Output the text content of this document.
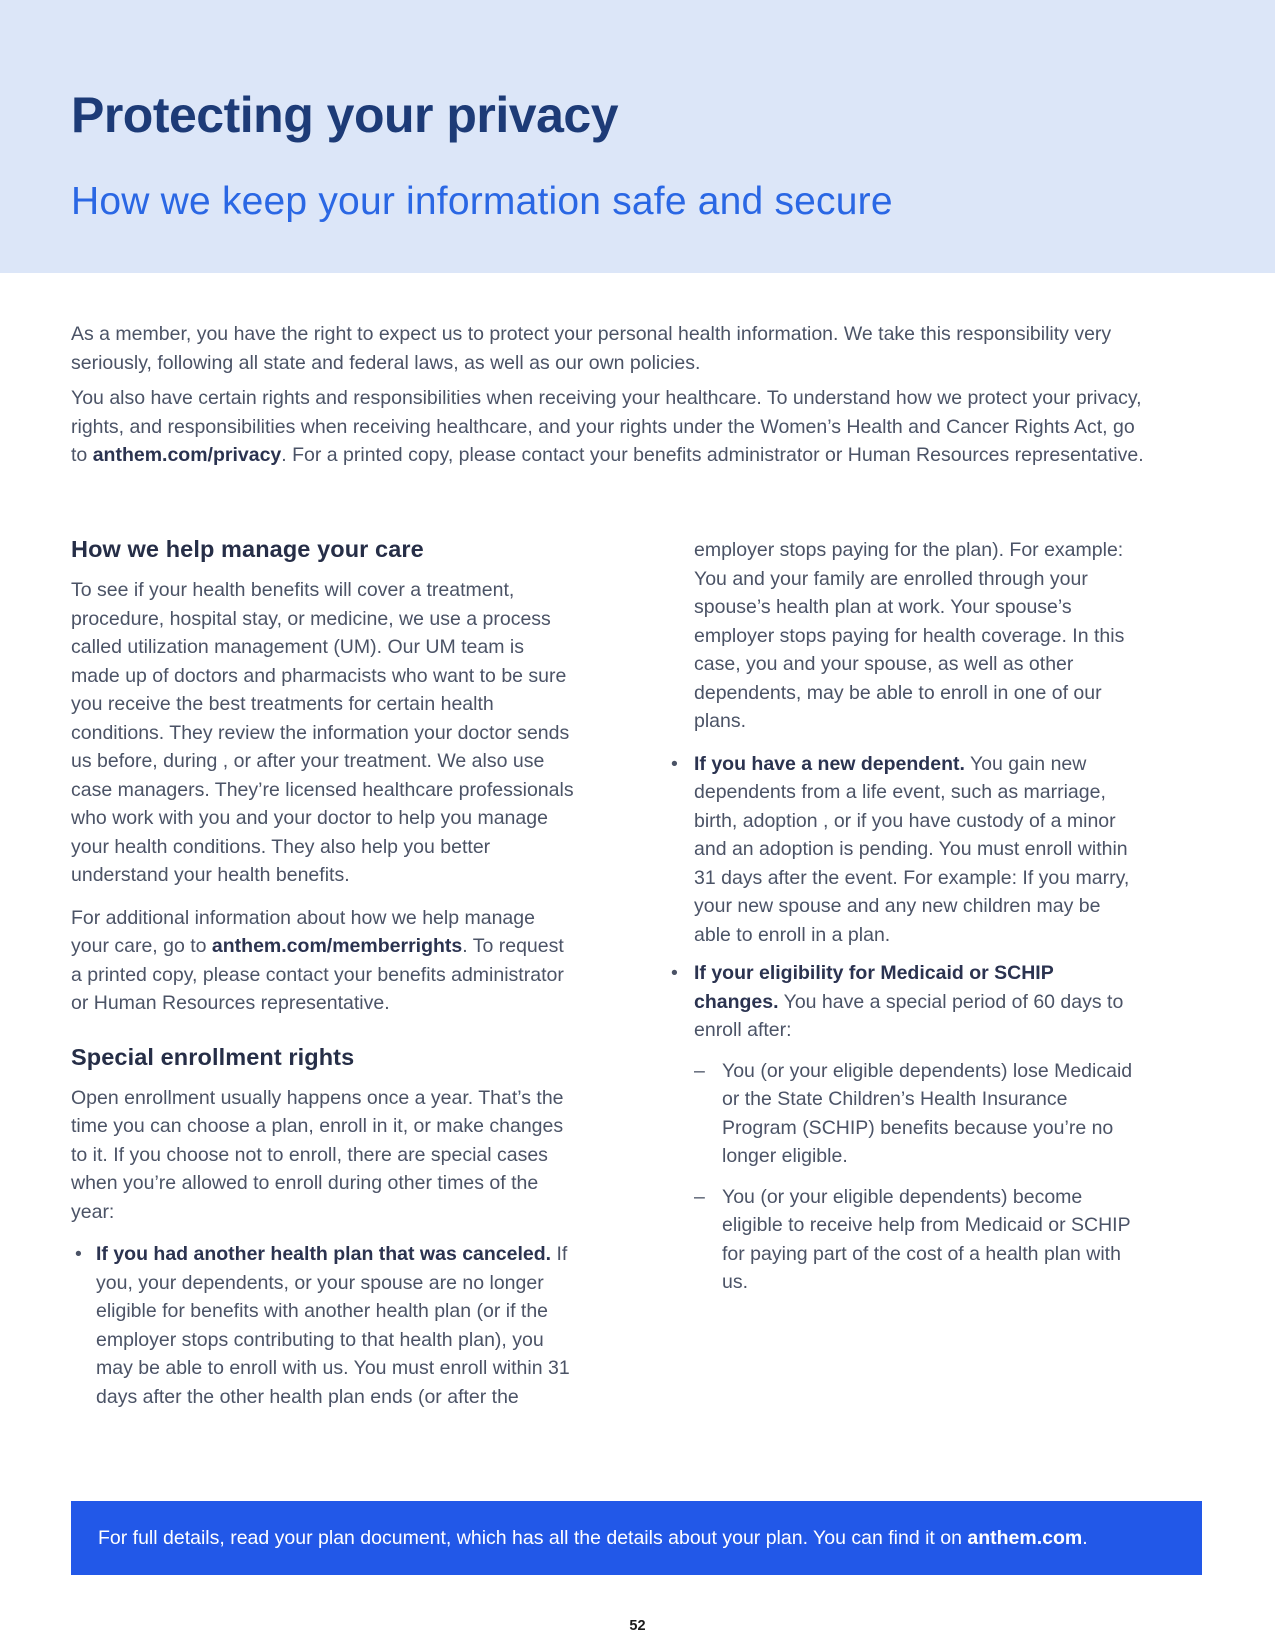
Protecting your privacy
How we keep your information safe and secure

As a member, you have the right to expect us to protect your personal health information. We take this responsibility very seriously, following all state and federal laws, as well as our own policies.

You also have certain rights and responsibilities when receiving your healthcare. To understand how we protect your privacy, rights, and responsibilities when receiving healthcare, and your rights under the Women’s Health and Cancer Rights Act, go to anthem.com/privacy. For a printed copy, please contact your benefits administrator or Human Resources representative.

How we help manage your care

To see if your health benefits will cover a treatment, procedure, hospital stay, or medicine, we use a process called utilization management (UM). Our UM team is made up of doctors and pharmacists who want to be sure you receive the best treatments for certain health conditions. They review the information your doctor sends us before, during , or after your treatment. We also use case managers. They’re licensed healthcare professionals who work with you and your doctor to help you manage your health conditions. They also help you better understand your health benefits.

For additional information about how we help manage your care, go to anthem.com/memberrights. To request a printed copy, please contact your benefits administrator or Human Resources representative.

Special enrollment rights

Open enrollment usually happens once a year. That’s the time you can choose a plan, enroll in it, or make changes to it. If you choose not to enroll, there are special cases when you’re allowed to enroll during other times of the year:

• If you had another health plan that was canceled. If you, your dependents, or your spouse are no longer eligible for benefits with another health plan (or if the employer stops contributing to that health plan), you may be able to enroll with us. You must enroll within 31 days after the other health plan ends (or after the

employer stops paying for the plan). For example: You and your family are enrolled through your spouse’s health plan at work. Your spouse’s employer stops paying for health coverage. In this case, you and your spouse, as well as other dependents, may be able to enroll in one of our plans.

• If you have a new dependent. You gain new dependents from a life event, such as marriage, birth, adoption , or if you have custody of a minor and an adoption is pending. You must enroll within 31 days after the event. For example: If you marry, your new spouse and any new children may be able to enroll in a plan.
• If your eligibility for Medicaid or SCHIP changes. You have a special period of 60 days to enroll after:
– You (or your eligible dependents) lose Medicaid or the State Children’s Health Insurance Program (SCHIP) benefits because you’re no longer eligible.
– You (or your eligible dependents) become eligible to receive help from Medicaid or SCHIP for paying part of the cost of a health plan with us.
For full details, read your plan document, which has all the details about your plan. You can find it on anthem.com.
52
